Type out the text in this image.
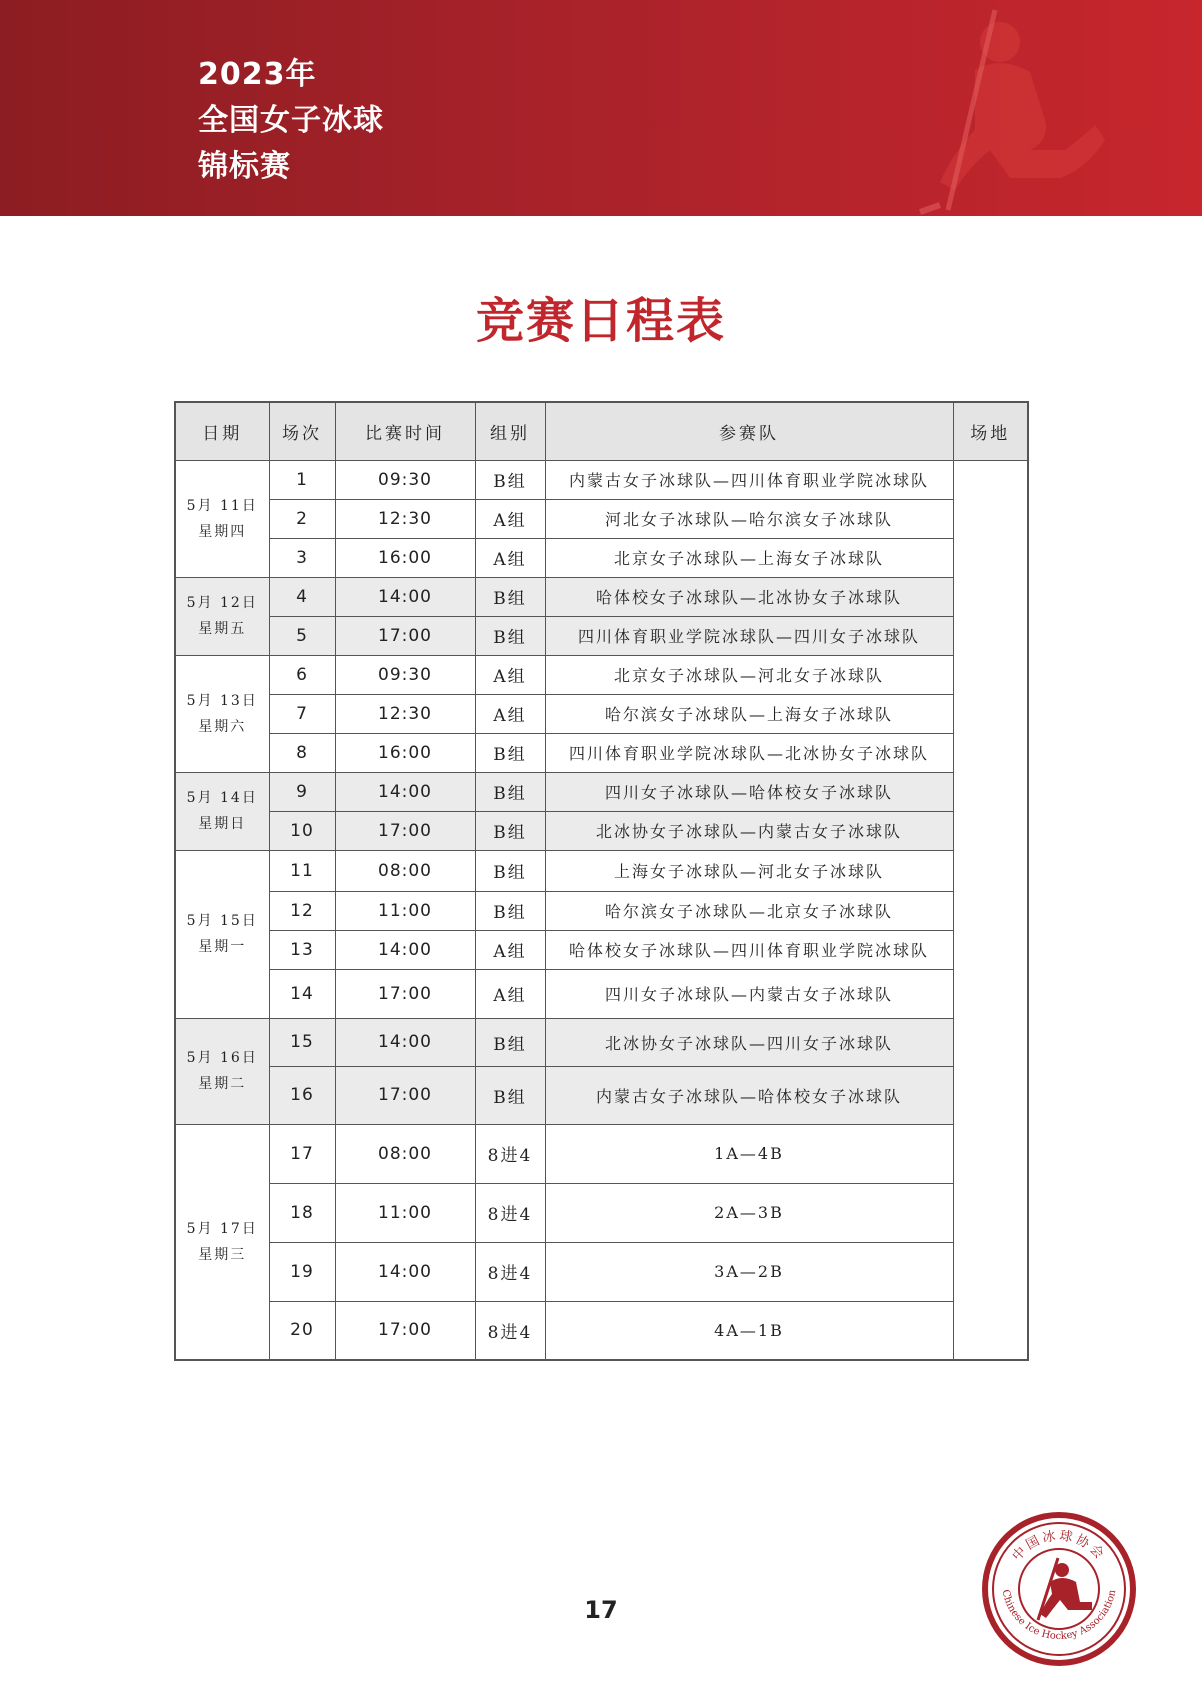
2023年
全国女子冰球
锦标赛
竞赛日程表
日期	场次	比赛时间	组别	参赛队	场地

5月 11日
星期四	1	09:30	B组	内蒙古女子冰球队—四川体育职业学院冰球队	
	2	12:30	A组	河北女子冰球队—哈尔滨女子冰球队	
	3	16:00	A组	北京女子冰球队—上海女子冰球队	

5月 12日
星期五	4	14:00	B组	哈体校女子冰球队—北冰协女子冰球队	
	5	17:00	B组	四川体育职业学院冰球队—四川女子冰球队	

5月 13日
星期六	6	09:30	A组	北京女子冰球队—河北女子冰球队	
	7	12:30	A组	哈尔滨女子冰球队—上海女子冰球队	
	8	16:00	B组	四川体育职业学院冰球队—北冰协女子冰球队	

5月 14日
星期日	9	14:00	B组	四川女子冰球队—哈体校女子冰球队	
	10	17:00	B组	北冰协女子冰球队—内蒙古女子冰球队	

5月 15日
星期一	11	08:00	B组	上海女子冰球队—河北女子冰球队	
	12	11:00	B组	哈尔滨女子冰球队—北京女子冰球队	
	13	14:00	A组	哈体校女子冰球队—四川体育职业学院冰球队	
	14	17:00	A组	四川女子冰球队—内蒙古女子冰球队	

5月 16日
星期二	15	14:00	B组	北冰协女子冰球队—四川女子冰球队	
	16	17:00	B组	内蒙古女子冰球队—哈体校女子冰球队	

5月 17日
星期三	17	08:00	8进4	1A—4B	
	18	11:00	8进4	2A—3B	
	19	14:00	8进4	3A—2B	
	20	17:00	8进4	4A—1B	
17
中国冰球协会
Chinese Ice Hockey Association
